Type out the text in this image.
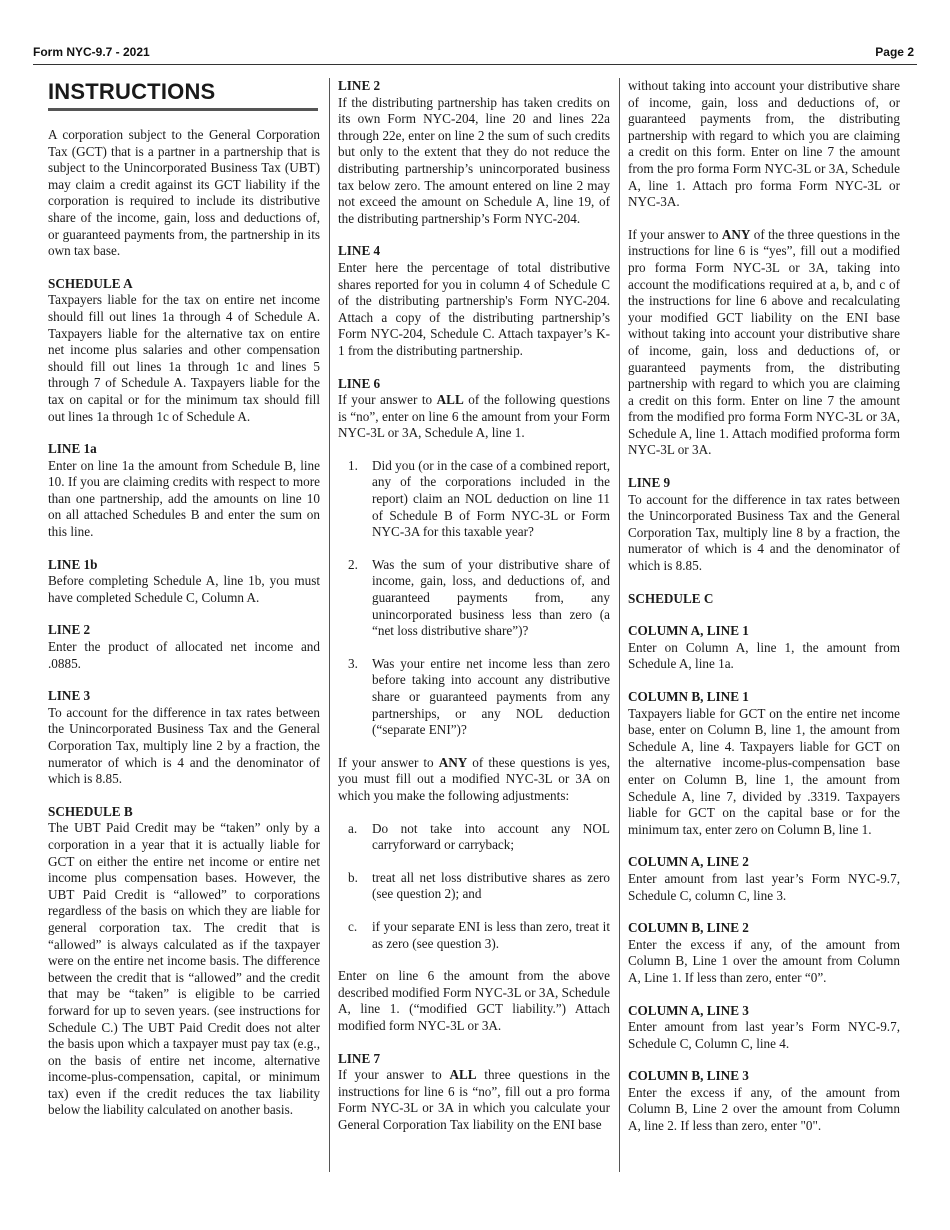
Form NYC-9.7 - 2021	Page 2
INSTRUCTIONS

A corporation subject to the General Corporation Tax (GCT) that is a partner in a partnership that is subject to the Unincorporated Business Tax (UBT) may claim a credit against its GCT liability if the corporation is required to include its distributive share of the income, gain, loss and deductions of, or guaranteed payments from, the partnership in its own tax base.

SCHEDULE A

Taxpayers liable for the tax on entire net income should fill out lines 1a through 4 of Schedule A. Taxpayers liable for the alternative tax on entire net income plus salaries and other compensation should fill out lines 1a through 1c and lines 5 through 7 of Schedule A. Taxpayers liable for the tax on capital or for the minimum tax should fill out lines 1a through 1c of Schedule A.

LINE 1a

Enter on line 1a the amount from Schedule B, line 10. If you are claiming credits with respect to more than one partnership, add the amounts on line 10 on all attached Schedules B and enter the sum on this line.

LINE 1b

Before completing Schedule A, line 1b, you must have completed Schedule C, Column A.

LINE 2

Enter the product of allocated net income and .0885.

LINE 3

To account for the difference in tax rates between the Unincorporated Business Tax and the General Corporation Tax, multiply line 2 by a fraction, the numerator of which is 4 and the denominator of which is 8.85.

SCHEDULE B

The UBT Paid Credit may be “taken” only by a corporation in a year that it is actually liable for GCT on either the entire net income or entire net income plus compensation bases. However, the UBT Paid Credit is “allowed” to corporations regardless of the basis on which they are liable for general corporation tax. The credit that is “allowed” is always calculated as if the taxpayer were on the entire net income basis. The difference between the credit that is “allowed” and the credit that may be “taken” is eligible to be carried forward for up to seven years. (see instructions for Schedule C.) The UBT Paid Credit does not alter the basis upon which a taxpayer must pay tax (e.g., on the basis of entire net income, alternative income-plus-compensation, capital, or minimum tax) even if the credit reduces the tax liability below the liability calculated on another basis.

LINE 2

If the distributing partnership has taken credits on its own Form NYC-204, line 20 and lines 22a through 22e, enter on line 2 the sum of such credits but only to the extent that they do not reduce the distributing partnership’s unincorporated business tax below zero. The amount entered on line 2 may not exceed the amount on Schedule A, line 19, of the distributing partnership’s Form NYC-204.

LINE 4

Enter here the percentage of total distributive shares reported for you in column 4 of Schedule C of the distributing partnership's Form NYC-204. Attach a copy of the distributing partnership’s Form NYC-204, Schedule C. Attach taxpayer’s K-1 from the distributing partnership.

LINE 6

If your answer to ALL of the following questions is “no”, enter on line 6 the amount from your Form NYC-3L or 3A, Schedule A, line 1.

1.	Did you (or in the case of a combined report, any of the corporations included in the report) claim an NOL deduction on line 11 of Schedule B of Form NYC-3L or Form NYC-3A for this taxable year?
2.	Was the sum of your distributive share of income, gain, loss, and deductions of, and guaranteed payments from, any unincorporated business less than zero (a “net loss distributive share”)?
3.	Was your entire net income less than zero before taking into account any distributive share or guaranteed payments from any partnerships, or any NOL deduction (“separate ENI”)?

If your answer to ANY of these questions is yes, you must fill out a modified NYC-3L or 3A on which you make the following adjustments:

a.	Do not take into account any NOL carryforward or carryback;
b.	treat all net loss distributive shares as zero (see question 2); and
c.	if your separate ENI is less than zero, treat it as zero (see question 3).

Enter on line 6 the amount from the above described modified Form NYC-3L or 3A, Schedule A, line 1. (“modified GCT liability.”) Attach modified form NYC-3L or 3A.

LINE 7

If your answer to ALL three questions in the instructions for line 6 is “no”, fill out a pro forma Form NYC-3L or 3A in which you calculate your General Corporation Tax liability on the ENI base

without taking into account your distributive share of income, gain, loss and deductions of, or guaranteed payments from, the distributing partnership with regard to which you are claiming a credit on this form. Enter on line 7 the amount from the pro forma Form NYC-3L or 3A, Schedule A, line 1. Attach pro forma Form NYC-3L or NYC-3A.

If your answer to ANY of the three questions in the instructions for line 6 is “yes”, fill out a modified pro forma Form NYC-3L or 3A, taking into account the modifications required at a, b, and c of the instructions for line 6 above and recalculating your modified GCT liability on the ENI base without taking into account your distributive share of income, gain, loss and deductions of, or guaranteed payments from, the distributing partnership with regard to which you are claiming a credit on this form. Enter on line 7 the amount from the modified pro forma Form NYC-3L or 3A, Schedule A, line 1. Attach modified proforma form NYC-3L or 3A.

LINE 9

To account for the difference in tax rates between the Unincorporated Business Tax and the General Corporation Tax, multiply line 8 by a fraction, the numerator of which is 4 and the denominator of which is 8.85.

SCHEDULE C
COLUMN A, LINE 1

Enter on Column A, line 1, the amount from Schedule A, line 1a.

COLUMN B, LINE 1

Taxpayers liable for GCT on the entire net income base, enter on Column B, line 1, the amount from Schedule A, line 4. Taxpayers liable for GCT on the alternative income-plus-compensation base enter on Column B, line 1, the amount from Schedule A, line 7, divided by .3319. Taxpayers liable for GCT on the capital base or for the minimum tax, enter zero on Column B, line 1.

COLUMN A, LINE 2

Enter amount from last year’s Form NYC-9.7, Schedule C, column C, line 3.

COLUMN B, LINE 2

Enter the excess if any, of the amount from Column B, Line 1 over the amount from Column A, Line 1. If less than zero, enter “0”.

COLUMN A, LINE 3

Enter amount from last year’s Form NYC-9.7, Schedule C, Column C, line 4.

COLUMN B, LINE 3

Enter the excess if any, of the amount from Column B, Line 2 over the amount from Column A, line 2. If less than zero, enter "0".
